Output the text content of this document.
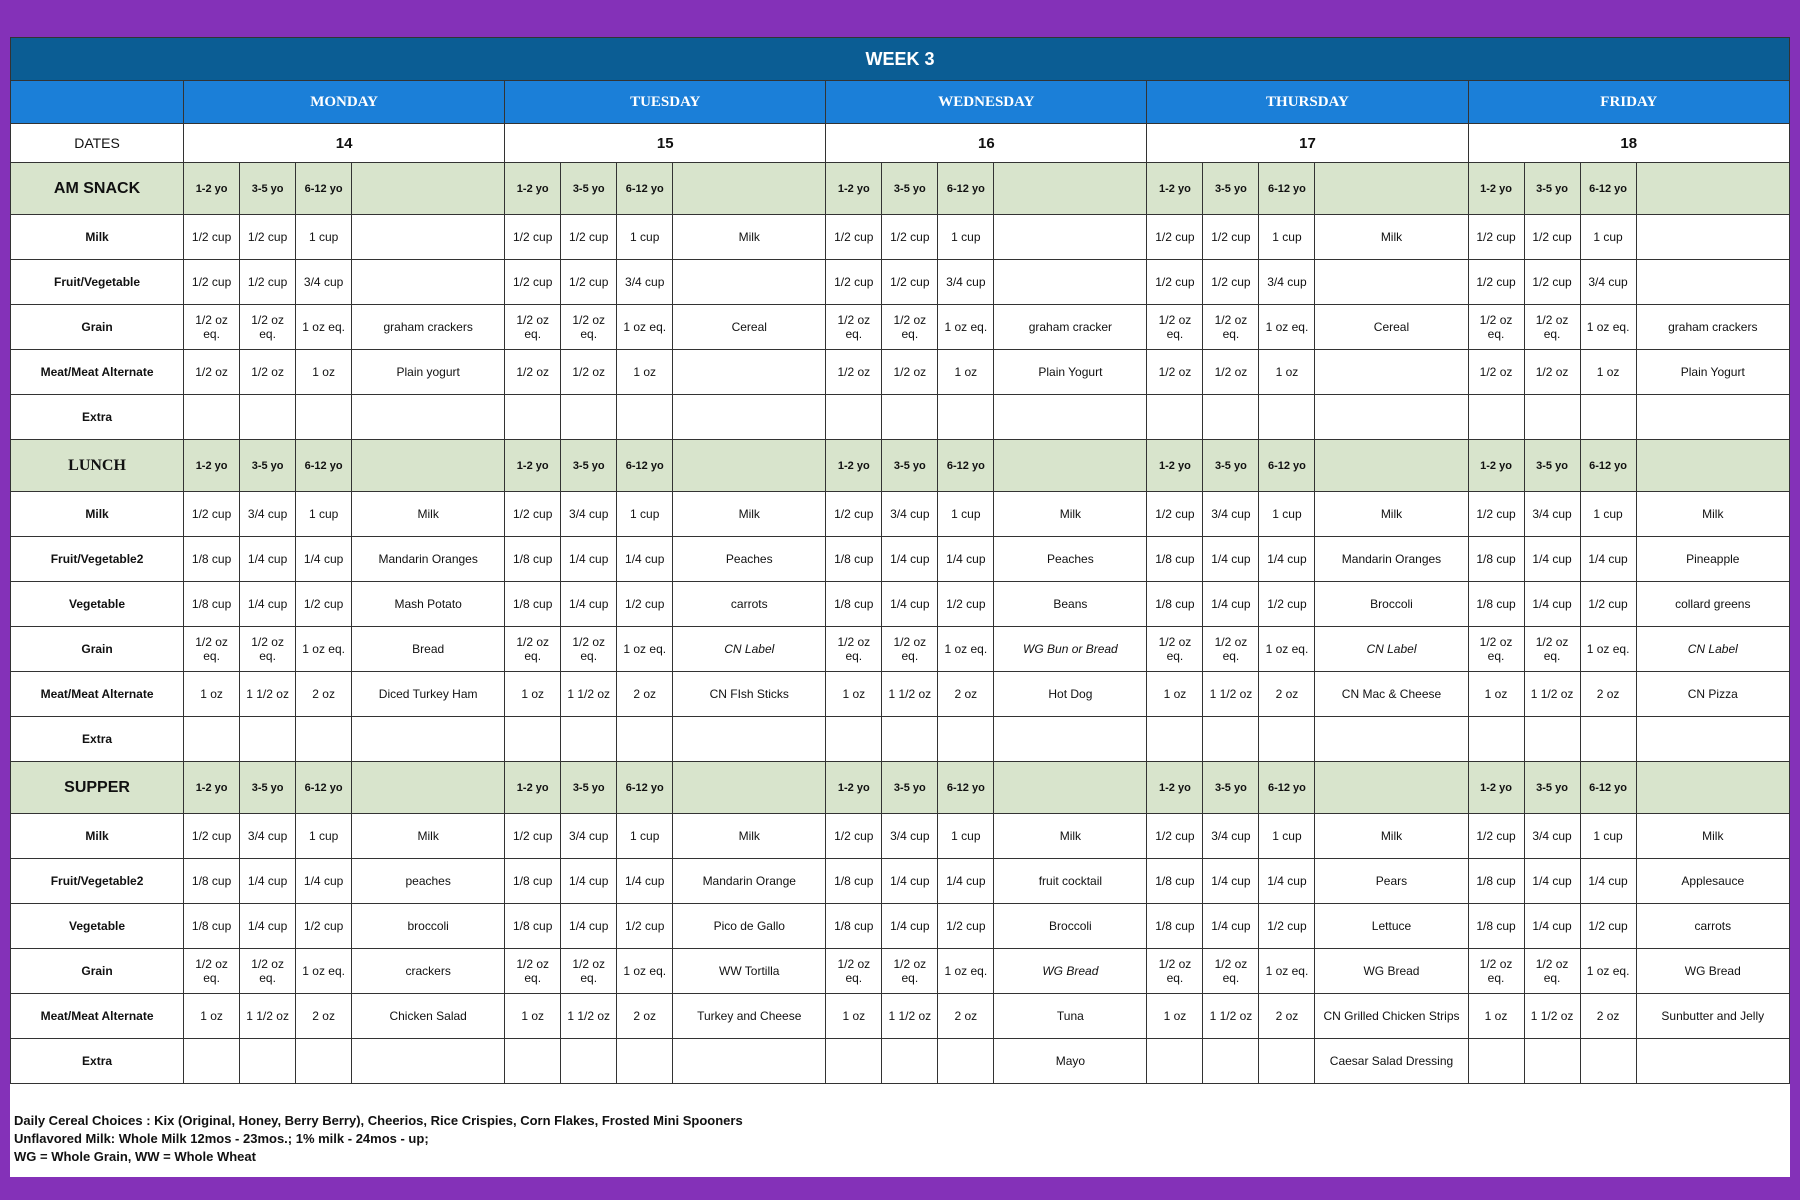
WEEK 3																				
	MONDAY				TUESDAY				WEDNESDAY				THURSDAY				FRIDAY			
DATES	14				15				16				17				18			
AM SNACK	1-2 yo	3-5 yo	6-12 yo		1-2 yo	3-5 yo	6-12 yo		1-2 yo	3-5 yo	6-12 yo		1-2 yo	3-5 yo	6-12 yo		1-2 yo	3-5 yo	6-12 yo	
Milk	1/2 cup	1/2 cup	1 cup		1/2 cup	1/2 cup	1 cup	Milk	1/2 cup	1/2 cup	1 cup		1/2 cup	1/2 cup	1 cup	Milk	1/2 cup	1/2 cup	1 cup	
Fruit/Vegetable	1/2 cup	1/2 cup	3/4 cup		1/2 cup	1/2 cup	3/4 cup		1/2 cup	1/2 cup	3/4 cup		1/2 cup	1/2 cup	3/4 cup		1/2 cup	1/2 cup	3/4 cup	
Grain	1/2 oz eq.	1/2 oz eq.	1 oz eq.	graham crackers	1/2 oz eq.	1/2 oz eq.	1 oz eq.	Cereal	1/2 oz eq.	1/2 oz eq.	1 oz eq.	graham cracker	1/2 oz eq.	1/2 oz eq.	1 oz eq.	Cereal	1/2 oz eq.	1/2 oz eq.	1 oz eq.	graham crackers
Meat/Meat Alternate	1/2 oz	1/2 oz	1 oz	Plain yogurt	1/2 oz	1/2 oz	1 oz		1/2 oz	1/2 oz	1 oz	Plain Yogurt	1/2 oz	1/2 oz	1 oz		1/2 oz	1/2 oz	1 oz	Plain Yogurt
Extra																				
LUNCH	1-2 yo	3-5 yo	6-12 yo		1-2 yo	3-5 yo	6-12 yo		1-2 yo	3-5 yo	6-12 yo		1-2 yo	3-5 yo	6-12 yo		1-2 yo	3-5 yo	6-12 yo	
Milk	1/2 cup	3/4 cup	1 cup	Milk	1/2 cup	3/4 cup	1 cup	Milk	1/2 cup	3/4 cup	1 cup	Milk	1/2 cup	3/4 cup	1 cup	Milk	1/2 cup	3/4 cup	1 cup	Milk
Fruit/Vegetable2	1/8 cup	1/4 cup	1/4 cup	Mandarin Oranges	1/8 cup	1/4 cup	1/4 cup	Peaches	1/8 cup	1/4 cup	1/4 cup	Peaches	1/8 cup	1/4 cup	1/4 cup	Mandarin Oranges	1/8 cup	1/4 cup	1/4 cup	Pineapple
Vegetable	1/8 cup	1/4 cup	1/2 cup	Mash Potato	1/8 cup	1/4 cup	1/2 cup	carrots	1/8 cup	1/4 cup	1/2 cup	Beans	1/8 cup	1/4 cup	1/2 cup	Broccoli	1/8 cup	1/4 cup	1/2 cup	collard greens
Grain	1/2 oz eq.	1/2 oz eq.	1 oz eq.	Bread	1/2 oz eq.	1/2 oz eq.	1 oz eq.	CN Label	1/2 oz eq.	1/2 oz eq.	1 oz eq.	WG Bun or Bread	1/2 oz eq.	1/2 oz eq.	1 oz eq.	CN Label	1/2 oz eq.	1/2 oz eq.	1 oz eq.	CN Label
Meat/Meat Alternate	1 oz	1 1/2 oz	2 oz	Diced Turkey Ham	1 oz	1 1/2 oz	2 oz	CN FIsh Sticks	1 oz	1 1/2 oz	2 oz	Hot Dog	1 oz	1 1/2 oz	2 oz	CN Mac & Cheese	1 oz	1 1/2 oz	2 oz	CN Pizza
Extra																				
SUPPER	1-2 yo	3-5 yo	6-12 yo		1-2 yo	3-5 yo	6-12 yo		1-2 yo	3-5 yo	6-12 yo		1-2 yo	3-5 yo	6-12 yo		1-2 yo	3-5 yo	6-12 yo	
Milk	1/2 cup	3/4 cup	1 cup	Milk	1/2 cup	3/4 cup	1 cup	Milk	1/2 cup	3/4 cup	1 cup	Milk	1/2 cup	3/4 cup	1 cup	Milk	1/2 cup	3/4 cup	1 cup	Milk
Fruit/Vegetable2	1/8 cup	1/4 cup	1/4 cup	peaches	1/8 cup	1/4 cup	1/4 cup	Mandarin Orange	1/8 cup	1/4 cup	1/4 cup	fruit cocktail	1/8 cup	1/4 cup	1/4 cup	Pears	1/8 cup	1/4 cup	1/4 cup	Applesauce
Vegetable	1/8 cup	1/4 cup	1/2 cup	broccoli	1/8 cup	1/4 cup	1/2 cup	Pico de Gallo	1/8 cup	1/4 cup	1/2 cup	Broccoli	1/8 cup	1/4 cup	1/2 cup	Lettuce	1/8 cup	1/4 cup	1/2 cup	carrots
Grain	1/2 oz eq.	1/2 oz eq.	1 oz eq.	crackers	1/2 oz eq.	1/2 oz eq.	1 oz eq.	WW Tortilla	1/2 oz eq.	1/2 oz eq.	1 oz eq.	WG Bread	1/2 oz eq.	1/2 oz eq.	1 oz eq.	WG Bread	1/2 oz eq.	1/2 oz eq.	1 oz eq.	WG Bread
Meat/Meat Alternate	1 oz	1 1/2 oz	2 oz	Chicken Salad	1 oz	1 1/2 oz	2 oz	Turkey and Cheese	1 oz	1 1/2 oz	2 oz	Tuna	1 oz	1 1/2 oz	2 oz	CN Grilled Chicken Strips	1 oz	1 1/2 oz	2 oz	Sunbutter and Jelly
Extra												Mayo				Caesar Salad Dressing				
Daily Cereal Choices : Kix (Original, Honey, Berry Berry), Cheerios, Rice Crispies, Corn Flakes, Frosted Mini Spooners
Unflavored Milk: Whole Milk 12mos - 23mos.; 1% milk - 24mos - up;
WG = Whole Grain, WW = Whole Wheat
